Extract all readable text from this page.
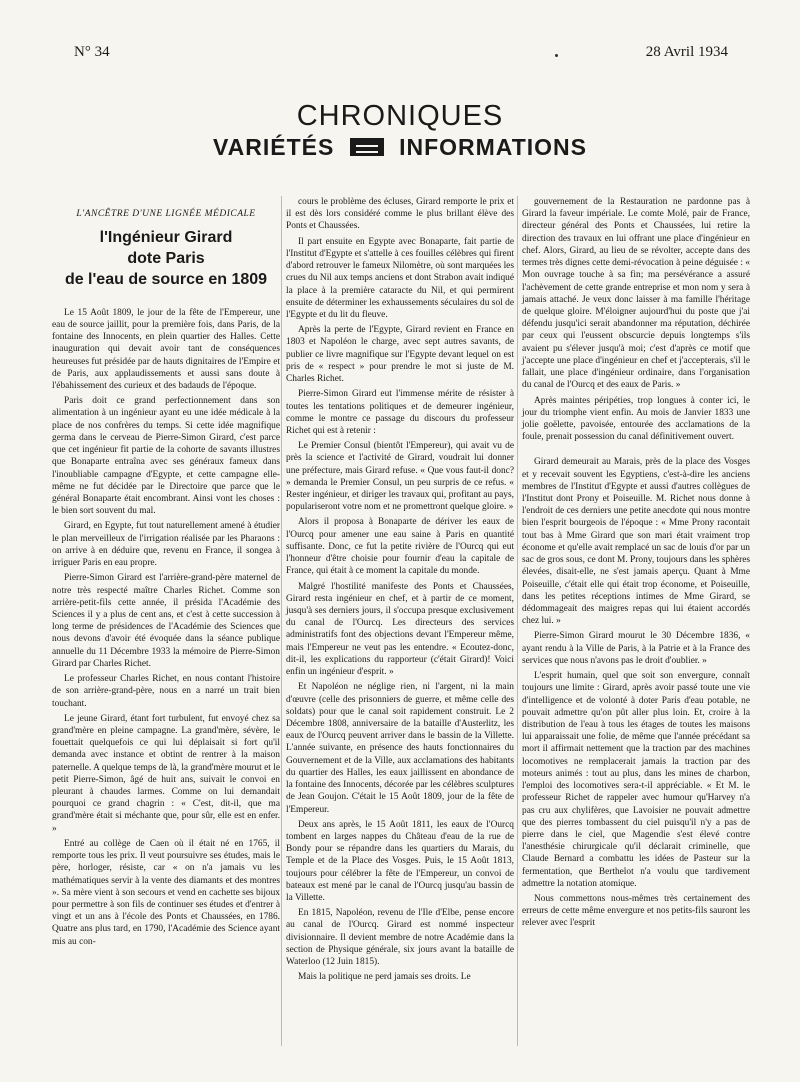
N° 34	28 Avril 1934
CHRONIQUES
VARIÉTÉS	INFORMATIONS
L'ANCÊTRE D'UNE LIGNÉE MÉDICALE
l'Ingénieur Girard
dote Paris
de l'eau de source en 1809

Le 15 Août 1809, le jour de la fête de l'Empereur, une eau de source jaillit, pour la première fois, dans Paris, de la fontaine des Innocents, en plein quartier des Halles. Cette inauguration qui devait avoir tant de conséquences heureuses fut présidée par de hauts dignitaires de l'Empire et de Paris, aux applaudissements et aussi sans doute à l'ébahissement des curieux et des badauds de l'époque.

Paris doit ce grand perfectionnement dans son alimentation à un ingénieur ayant eu une idée médicale à la place de nos confrères du temps. Si cette idée magnifique germa dans le cerveau de Pierre-Simon Girard, c'est parce que cet ingénieur fit partie de la cohorte de savants illustres que Bonaparte entraîna avec ses généraux fameux dans l'inoubliable campagne d'Egypte, et cette campagne elle-même ne fut décidée par le Directoire que parce que le général Bonaparte était encombrant. Ainsi vont les choses : le bien sort souvent du mal.

Girard, en Egypte, fut tout naturellement amené à étudier le plan merveilleux de l'irrigation réalisée par les Pharaons : on arrive à en déduire que, revenu en France, il songea à irriguer Paris en eau propre.

Pierre-Simon Girard est l'arrière-grand-père maternel de notre très respecté maître Charles Richet. Comme son arrière-petit-fils cette année, il présida l'Académie des Sciences il y a plus de cent ans, et c'est à cette succession à long terme de présidences de l'Académie des Sciences que nous devons d'avoir été évoquée dans la séance publique annuelle du 11 Décembre 1933 la mémoire de Pierre-Simon Girard par Charles Richet.

Le professeur Charles Richet, en nous contant l'histoire de son arrière-grand-père, nous en a narré un trait bien touchant.

Le jeune Girard, étant fort turbulent, fut envoyé chez sa grand'mère en pleine campagne. La grand'mère, sévère, le fouettait quelquefois ce qui lui déplaisait si fort qu'il demanda avec instance et obtint de rentrer à la maison paternelle. A quelque temps de là, la grand'mère mourut et le petit Pierre-Simon, âgé de huit ans, suivait le convoi en pleurant à chaudes larmes. Comme on lui demandait pourquoi ce grand chagrin : « C'est, dit-il, que ma grand'mère était si méchante que, pour sûr, elle est en enfer. »

Entré au collège de Caen où il était né en 1765, il remporte tous les prix. Il veut poursuivre ses études, mais le père, horloger, résiste, car « on n'a jamais vu les mathématiques servir à la vente des diamants et des montres ». Sa mère vient à son secours et vend en cachette ses bijoux pour permettre à son fils de continuer ses études et d'entrer à vingt et un ans à l'école des Ponts et Chaussées, en 1786. Quatre ans plus tard, en 1790, l'Académie des Science ayant mis au con-

cours le problème des écluses, Girard remporte le prix et il est dès lors considéré comme le plus brillant élève des Ponts et Chaussées.

Il part ensuite en Egypte avec Bonaparte, fait partie de l'Institut d'Egypte et s'attelle à ces fouilles célèbres qui firent d'abord retrouver le fameux Nilomètre, où sont marquées les crues du Nil aux temps anciens et dont Strabon avait indiqué la place à la première cataracte du Nil, et qui permirent ensuite de déterminer les exhaussements séculaires du sol de l'Egypte et du lit du fleuve.

Après la perte de l'Egypte, Girard revient en France en 1803 et Napoléon le charge, avec sept autres savants, de publier ce livre magnifique sur l'Egypte devant lequel on est pris de « respect » pour prendre le mot si juste de M. Charles Richet.

Pierre-Simon Girard eut l'immense mérite de résister à toutes les tentations politiques et de demeurer ingénieur, comme le montre ce passage du discours du professeur Richet qui est à retenir :

Le Premier Consul (bientôt l'Empereur), qui avait vu de près la science et l'activité de Girard, voudrait lui donner une préfecture, mais Girard refuse. « Que vous faut-il donc? » demanda le Premier Consul, un peu surpris de ce refus. « Rester ingénieur, et diriger les travaux qui, profitant au pays, populariseront votre nom et ne promettront quelque gloire. »

Alors il proposa à Bonaparte de dériver les eaux de l'Ourcq pour amener une eau saine à Paris en quantité suffisante. Donc, ce fut la petite rivière de l'Ourcq qui eut l'honneur d'être choisie pour fournir d'eau la capitale de France, qui était à ce moment la capitale du monde.

Malgré l'hostilité manifeste des Ponts et Chaussées, Girard resta ingénieur en chef, et à partir de ce moment, jusqu'à ses derniers jours, il s'occupa presque exclusivement du canal de l'Ourcq. Les directeurs des services administratifs font des objections devant l'Empereur même, mais l'Empereur ne veut pas les entendre. « Ecoutez-donc, dit-il, les explications du rapporteur (c'était Girard)! Voici enfin un ingénieur d'esprit. »

Et Napoléon ne néglige rien, ni l'argent, ni la main d'œuvre (celle des prisonniers de guerre, et même celle des soldats) pour que le canal soit rapidement construit. Le 2 Décembre 1808, anniversaire de la bataille d'Austerlitz, les eaux de l'Ourcq peuvent arriver dans le bassin de la Villette. L'année suivante, en présence des hauts fonctionnaires du Gouvernement et de la Ville, aux acclamations des habitants du quartier des Halles, les eaux jaillissent en abondance de la fontaine des Innocents, décorée par les célèbres sculptures de Jean Goujon. C'était le 15 Août 1809, jour de la fête de l'Empereur.

Deux ans après, le 15 Août 1811, les eaux de l'Ourcq tombent en larges nappes du Château d'eau de la rue de Bondy pour se répandre dans les quartiers du Marais, du Temple et de la Place des Vosges. Puis, le 15 Août 1813, toujours pour célébrer la fête de l'Empereur, un convoi de bateaux est mené par le canal de l'Ourcq jusqu'au bassin de la Villette.

En 1815, Napoléon, revenu de l'Ile d'Elbe, pense encore au canal de l'Ourcq. Girard est nommé inspecteur divisionnaire. Il devient membre de notre Académie dans la section de Physique générale, six jours avant la bataille de Waterloo (12 Juin 1815).

Mais la politique ne perd jamais ses droits. Le

gouvernement de la Restauration ne pardonne pas à Girard la faveur impériale. Le comte Molé, pair de France, directeur général des Ponts et Chaussées, lui retire la direction des travaux en lui offrant une place d'ingénieur en chef. Alors, Girard, au lieu de se révolter, accepte dans des termes très dignes cette demi-révocation à peine déguisée : « Mon ouvrage touche à sa fin; ma persévérance a assuré l'achèvement de cette grande entreprise et mon nom y sera à jamais attaché. Je veux donc laisser à ma famille l'héritage de quelque gloire. M'éloigner aujourd'hui du poste que j'ai défendu jusqu'ici serait abandonner ma réputation, déchirée par ceux qui l'eussent obscurcie depuis longtemps s'ils avaient pu s'élever jusqu'à moi; c'est d'après ce motif que j'accepte une place d'ingénieur en chef et j'accepterais, s'il le fallait, une place d'ingénieur ordinaire, dans l'organisation du canal de l'Ourcq et des eaux de Paris. »

Après maintes péripéties, trop longues à conter ici, le jour du triomphe vient enfin. Au mois de Janvier 1833 une jolie goëlette, pavoisée, entourée des acclamations de la foule, prenait possession du canal définitivement ouvert.

Girard demeurait au Marais, près de la place des Vosges et y recevait souvent les Egyptiens, c'est-à-dire les anciens membres de l'Institut d'Egypte et aussi d'autres collègues de l'Institut dont Prony et Poiseuille. M. Richet nous donne à l'endroit de ces derniers une petite anecdote qui nous montre bien l'esprit bourgeois de l'époque : « Mme Prony racontait tout bas à Mme Girard que son mari était vraiment trop économe et qu'elle avait remplacé un sac de louis d'or par un sac de gros sous, ce dont M. Prony, toujours dans les sphères élevées, disait-elle, ne s'est jamais aperçu. Quant à Mme Poiseuille, c'était elle qui était trop économe, et Poiseuille, dans les petites réceptions intimes de Mme Girard, se dédommageait des maigres repas qui lui étaient accordés chez lui. »

Pierre-Simon Girard mourut le 30 Décembre 1836, « ayant rendu à la Ville de Paris, à la Patrie et à la France des services que nous n'avons pas le droit d'oublier. »

L'esprit humain, quel que soit son envergure, connaît toujours une limite : Girard, après avoir passé toute une vie d'intelligence et de volonté à doter Paris d'eau potable, ne pouvait admettre qu'on pût aller plus loin. Et, croire à la distribution de l'eau à tous les étages de toutes les maisons lui apparaissait une folie, de même que l'année précédant sa mort il affirmait nettement que la traction par des machines locomotives ne remplacerait jamais la traction par des moteurs animés : tout au plus, dans les mines de charbon, l'emploi des locomotives sera-t-il appréciable. « Et M. le professeur Richet de rappeler avec humour qu'Harvey n'a pas cru aux chylifères, que Lavoisier ne pouvait admettre que des pierres tombassent du ciel puisqu'il n'y a pas de pierre dans le ciel, que Magendie s'est élevé contre l'anesthésie chirurgicale qu'il déclarait criminelle, que Claude Bernard a combattu les idées de Pasteur sur la fermentation, que Berthelot n'a voulu que tardivement admettre la notation atomique.

Nous commettons nous-mêmes très certainement des erreurs de cette même envergure et nos petits-fils sauront les relever avec l'esprit
